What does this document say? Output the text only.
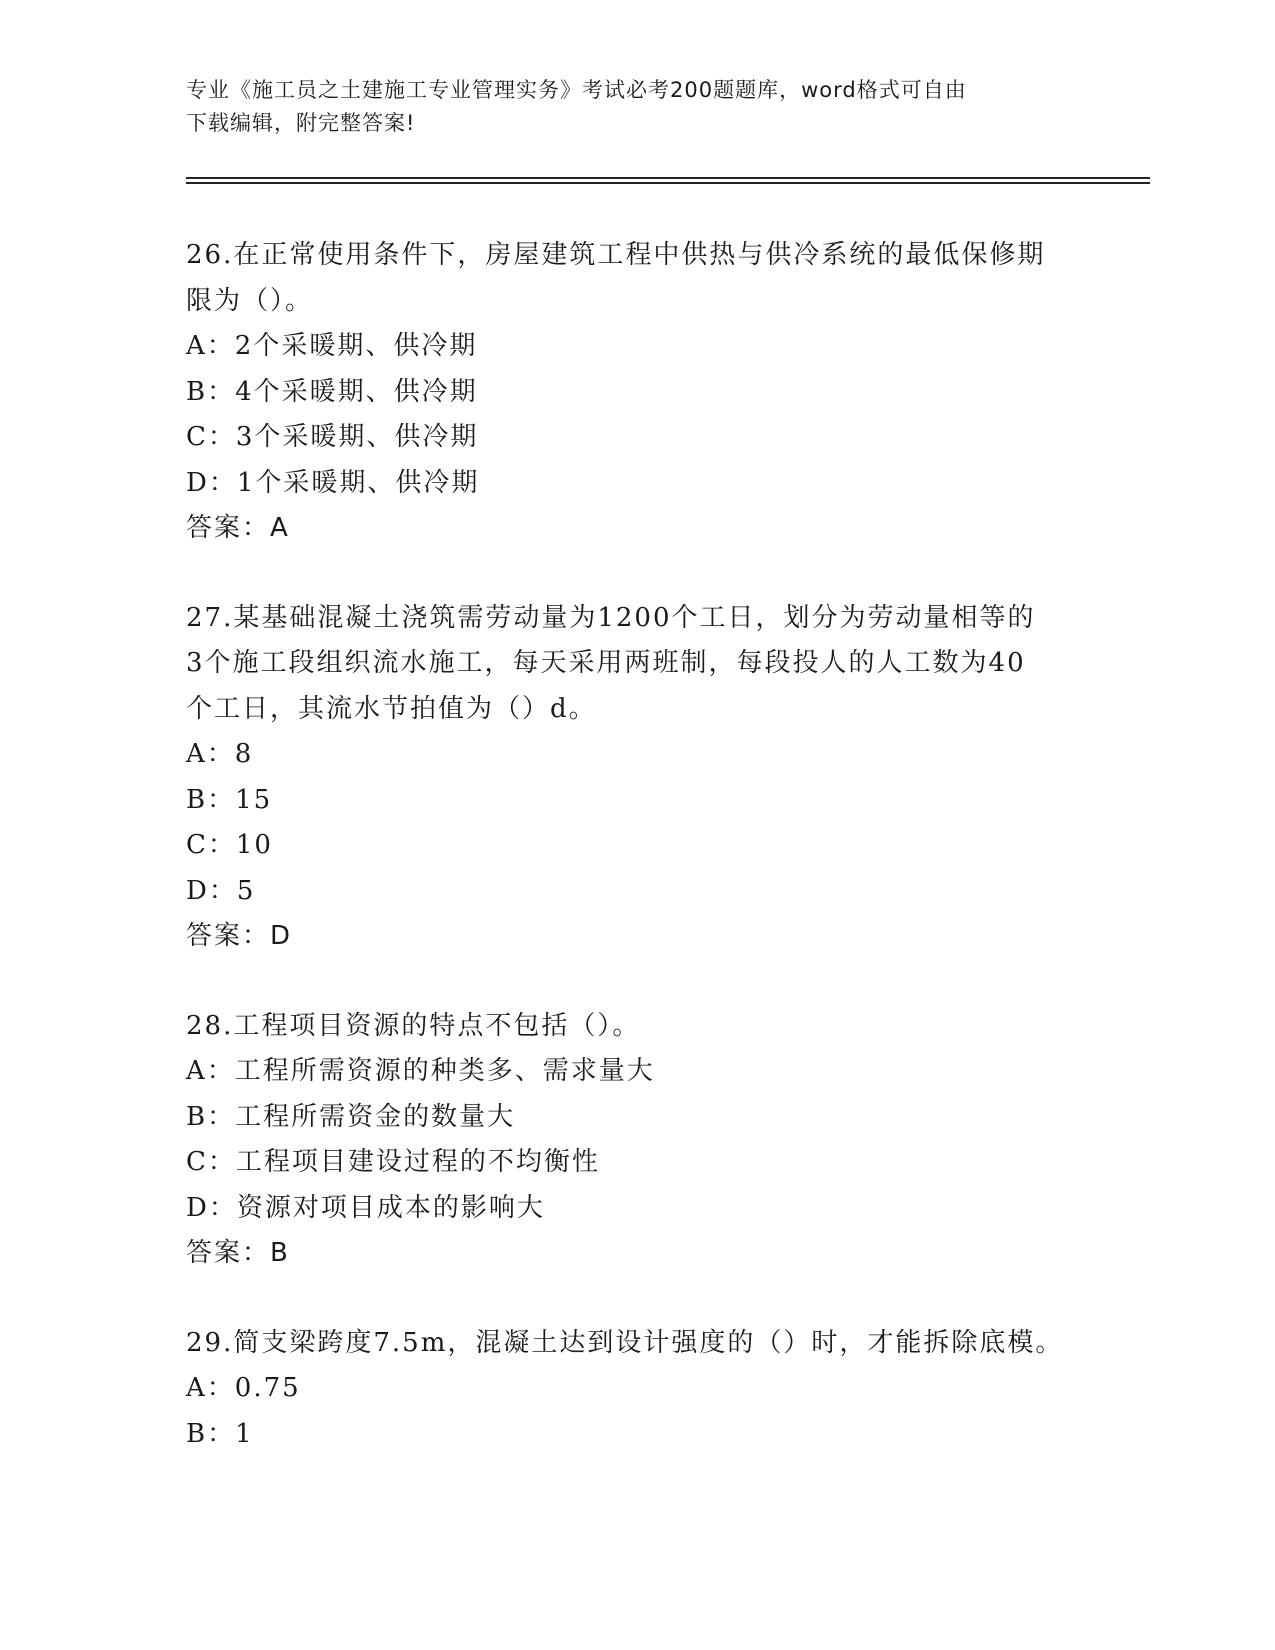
专业《施工员之土建施工专业管理实务》考试必考200题题库，word格式可自由
下载编辑，附完整答案!
26.在正常使用条件下，房屋建筑工程中供热与供冷系统的最低保修期
限为（）。
A：2个采暖期、供冷期
B：4个采暖期、供冷期
C：3个采暖期、供冷期
D：1个采暖期、供冷期
答案：A
27.某基础混凝土浇筑需劳动量为1200个工日，划分为劳动量相等的
3个施工段组织流水施工，每天采用两班制，每段投人的人工数为40
个工日，其流水节拍值为（）d。
A：8
B：15
C：10
D：5
答案：D
28.工程项目资源的特点不包括（）。
A：工程所需资源的种类多、需求量大
B：工程所需资金的数量大
C：工程项目建设过程的不均衡性
D：资源对项目成本的影响大
答案：B
29.简支梁跨度7.5m，混凝土达到设计强度的（）时，才能拆除底模。
A：0.75
B：1
